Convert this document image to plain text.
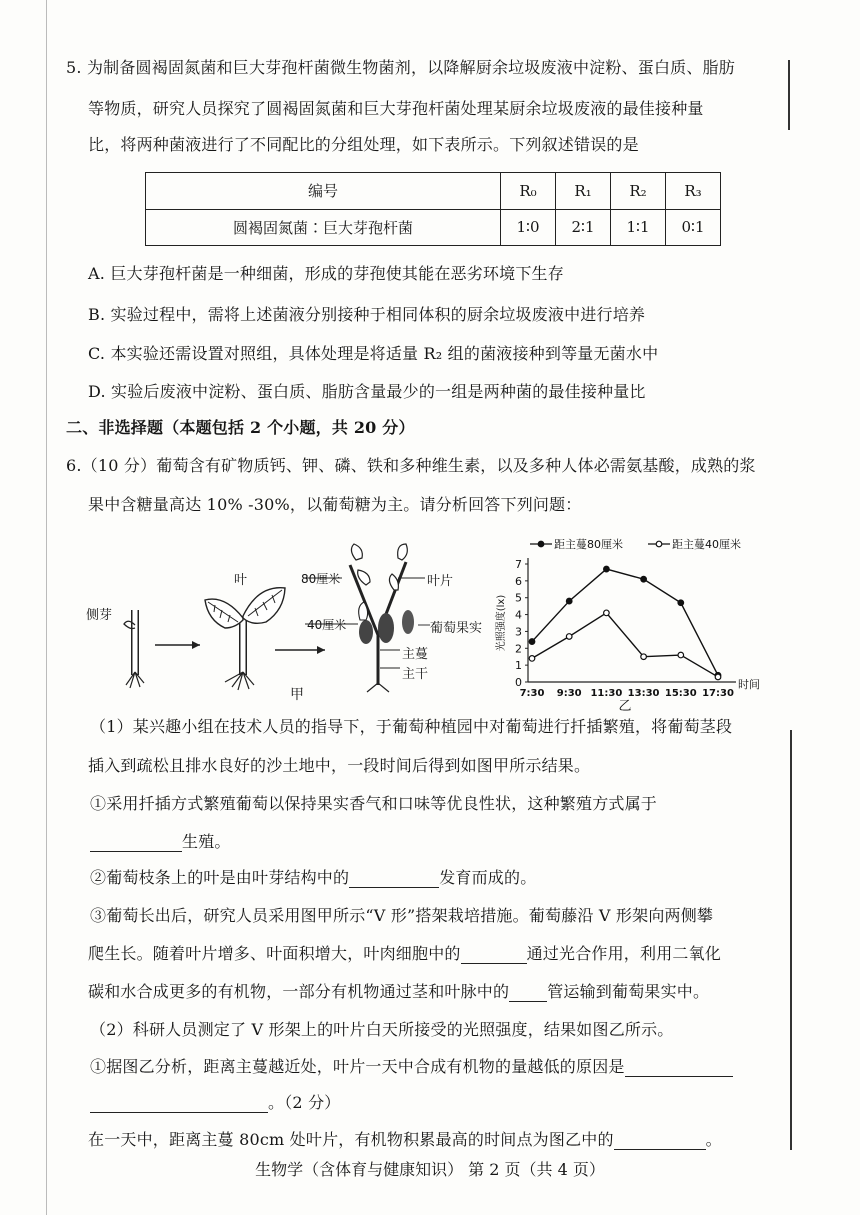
5. 为制备圆褐固氮菌和巨大芽孢杆菌微生物菌剂，以降解厨余垃圾废液中淀粉、蛋白质、脂肪
等物质，研究人员探究了圆褐固氮菌和巨大芽孢杆菌处理某厨余垃圾废液的最佳接种量
比，将两种菌液进行了不同配比的分组处理，如下表所示。下列叙述错误的是
编号	R₀	R₁	R₂	R₃
圆褐固氮菌∶巨大芽孢杆菌	1∶0	2∶1	1∶1	0∶1
A. 巨大芽孢杆菌是一种细菌，形成的芽孢使其能在恶劣环境下生存
B. 实验过程中，需将上述菌液分别接种于相同体积的厨余垃圾废液中进行培养
C. 本实验还需设置对照组，具体处理是将适量 R₂ 组的菌液接种到等量无菌水中
D. 实验后废液中淀粉、蛋白质、脂肪含量最少的一组是两种菌的最佳接种量比
二、非选择题（本题包括 2 个小题，共 20 分）
6.（10 分）葡萄含有矿物质钙、钾、磷、铁和多种维生素，以及多种人体必需氨基酸，成熟的浆
果中含糖量高达 10% -30%，以葡萄糖为主。请分析回答下列问题：
侧芽
叶	80厘米
40厘米
叶片
葡萄果实
主蔓
主干
甲
0
1
2
3
4
5
6
7
7:30 9:30 11:30 13:30 15:30 17:30
时间
光照强度(lx)
乙
距主蔓80厘米	距主蔓40厘米
（1）某兴趣小组在技术人员的指导下，于葡萄种植园中对葡萄进行扦插繁殖，将葡萄茎段
插入到疏松且排水良好的沙土地中，一段时间后得到如图甲所示结果。
①采用扦插方式繁殖葡萄以保持果实香气和口味等优良性状，这种繁殖方式属于
生殖。
②葡萄枝条上的叶是由叶芽结构中的	发育而成的。
③葡萄长出后，研究人员采用图甲所示“V 形”搭架栽培措施。葡萄藤沿 V 形架向两侧攀
爬生长。随着叶片增多、叶面积增大，叶肉细胞中的	通过光合作用，利用二氧化
碳和水合成更多的有机物，一部分有机物通过茎和叶脉中的 管运输到葡萄果实中。
（2）科研人员测定了 V 形架上的叶片白天所接受的光照强度，结果如图乙所示。
①据图乙分析，距离主蔓越近处，叶片一天中合成有机物的量越低的原因是
。（2 分）
在一天中，距离主蔓 80cm 处叶片，有机物积累最高的时间点为图乙中的	。
生物学（含体育与健康知识） 第 2 页（共 4 页）
